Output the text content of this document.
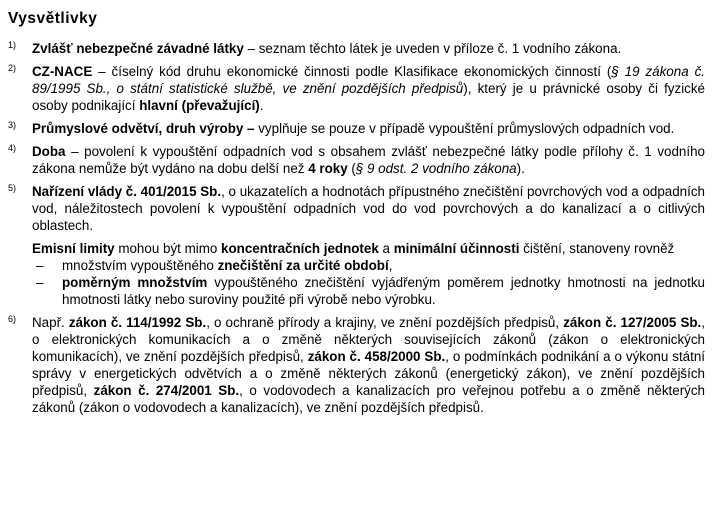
Vysvětlivky
1) Zvlášť nebezpečné závadné látky – seznam těchto látek je uveden v příloze č. 1 vodního zákona.
2) CZ-NACE – číselný kód druhu ekonomické činnosti podle Klasifikace ekonomických činností (§ 19 zákona č. 89/1995 Sb., o státní statistické službě, ve znění pozdějších předpisů), který je u právnické osoby či fyzické osoby podnikající hlavní (převažující).
3) Průmyslové odvětví, druh výroby – vyplňuje se pouze v případě vypouštění průmyslových odpadních vod.
4) Doba – povolení k vypouštění odpadních vod s obsahem zvlášť nebezpečné látky podle přílohy č. 1 vodního zákona nemůže být vydáno na dobu delší než 4 roky (§ 9 odst. 2 vodního zákona).
5) Nařízení vlády č. 401/2015 Sb., o ukazatelích a hodnotách přípustného znečištění povrchových vod a odpadních vod, náležitostech povolení k vypouštění odpadních vod do vod povrchových a do kanalizací a o citlivých oblastech.
Emisní limity mohou být mimo koncentračních jednotek a minimální účinnosti čištění, stanoveny rovněž
– množstvím vypouštěného znečištění za určité období,
– poměrným množstvím vypouštěného znečištění vyjádřeným poměrem jednotky hmotnosti na jednotku hmotnosti látky nebo suroviny použité při výrobě nebo výrobku.
6) Např. zákon č. 114/1992 Sb., o ochraně přírody a krajiny, ve znění pozdějších předpisů, zákon č. 127/2005 Sb., o elektronických komunikacích a o změně některých souvisejících zákonů (zákon o elektronických komunikacích), ve znění pozdějších předpisů, zákon č. 458/2000 Sb., o podmínkách podnikání a o výkonu státní správy v energetických odvětvích a o změně některých zákonů (energetický zákon), ve znění pozdějších předpisů, zákon č. 274/2001 Sb., o vodovodech a kanalizacích pro veřejnou potřebu a o změně některých zákonů (zákon o vodovodech a kanalizacích), ve znění pozdějších předpisů.
